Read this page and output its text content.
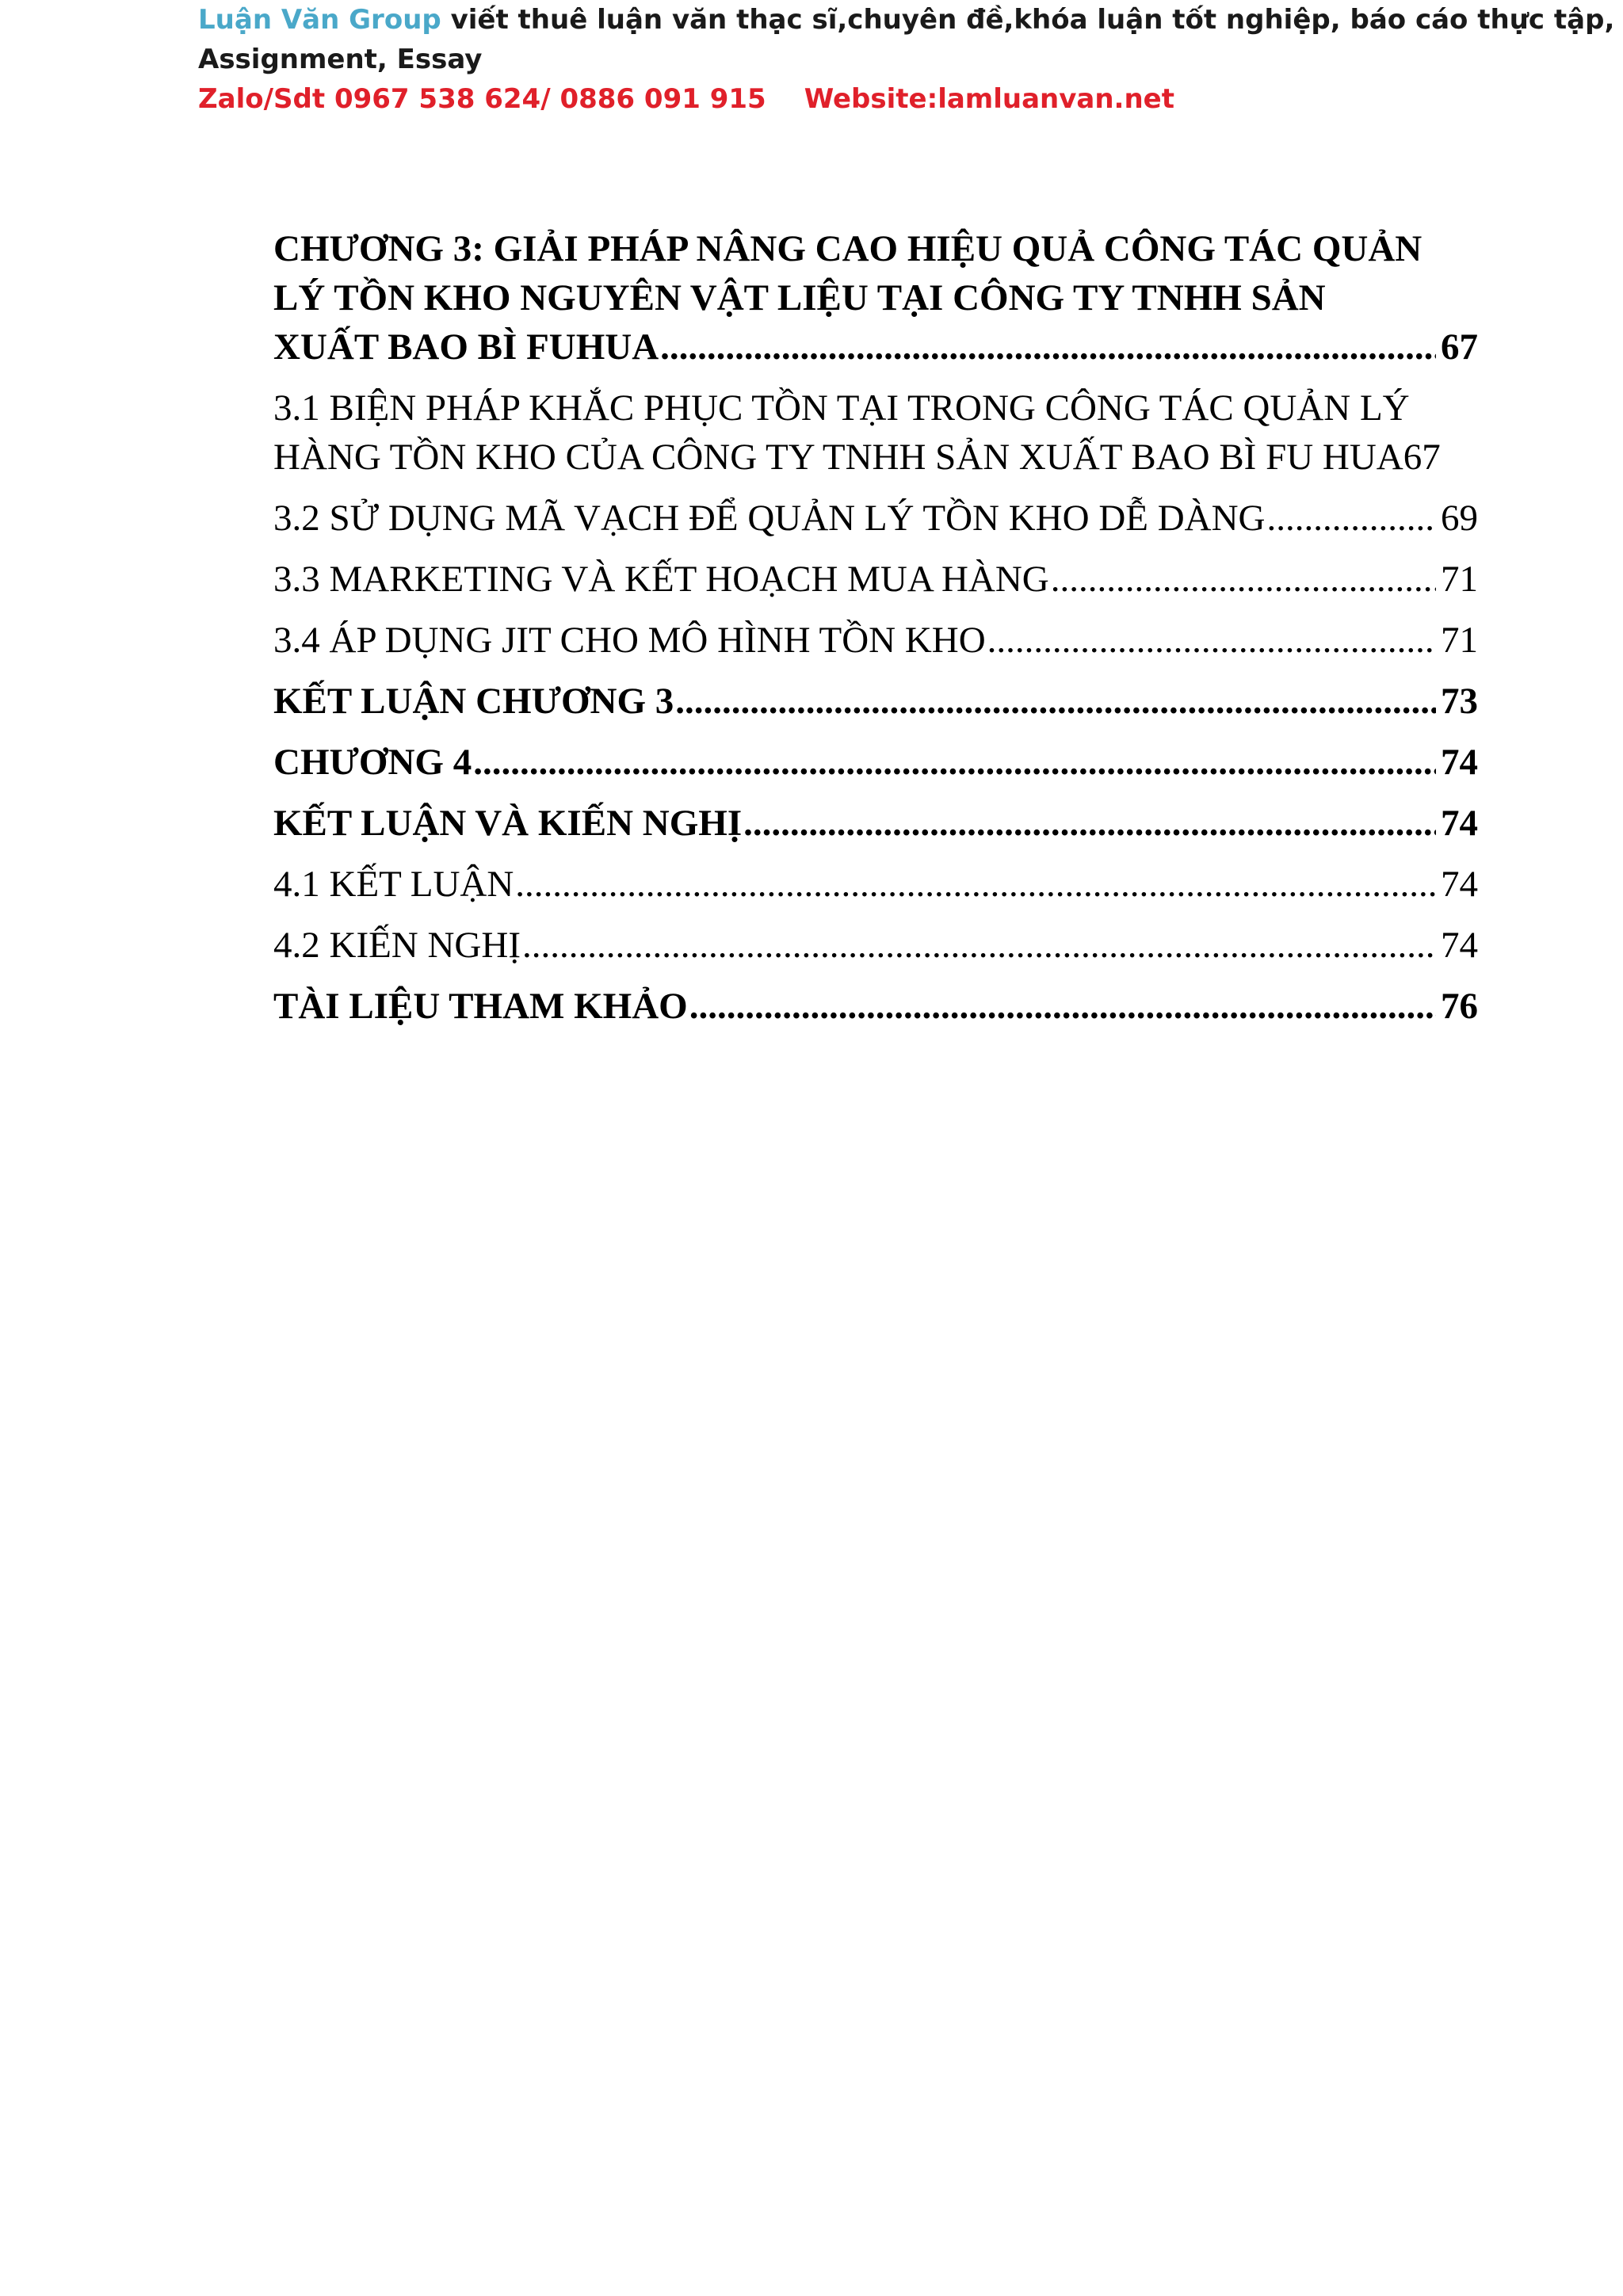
Luận Văn Group viết thuê luận văn thạc sĩ,chuyên đề,khóa luận tốt nghiệp, báo cáo thực tập,
Assignment, Essay
Zalo/Sdt 0967 538 624/ 0886 091 915 Website:lamluanvan.net
CHƯƠNG 3: GIẢI PHÁP NÂNG CAO HIỆU QUẢ CÔNG TÁC QUẢN
LÝ TỒN KHO NGUYÊN VẬT LIỆU TẠI CÔNG TY TNHH SẢN
XUẤT BAO BÌ FUHUA .....	67
3.1 BIỆN PHÁP KHẮC PHỤC TỒN TẠI TRONG CÔNG TÁC QUẢN LÝ
HÀNG TỒN KHO CỦA CÔNG TY TNHH SẢN XUẤT BAO BÌ FU HUA 67
3.2 SỬ DỤNG MÃ VẠCH ĐỂ QUẢN LÝ TỒN KHO DỄ DÀNG .....	69
3.3 MARKETING VÀ KẾT HOẠCH MUA HÀNG .....	71
3.4 ÁP DỤNG JIT CHO MÔ HÌNH TỒN KHO .....	71
KẾT LUẬN CHƯƠNG 3 .....	73
CHƯƠNG 4 .....	74
KẾT LUẬN VÀ KIẾN NGHỊ .....	74
4.1 KẾT LUẬN .....	74
4.2 KIẾN NGHỊ .....	74
TÀI LIỆU THAM KHẢO .....	76
